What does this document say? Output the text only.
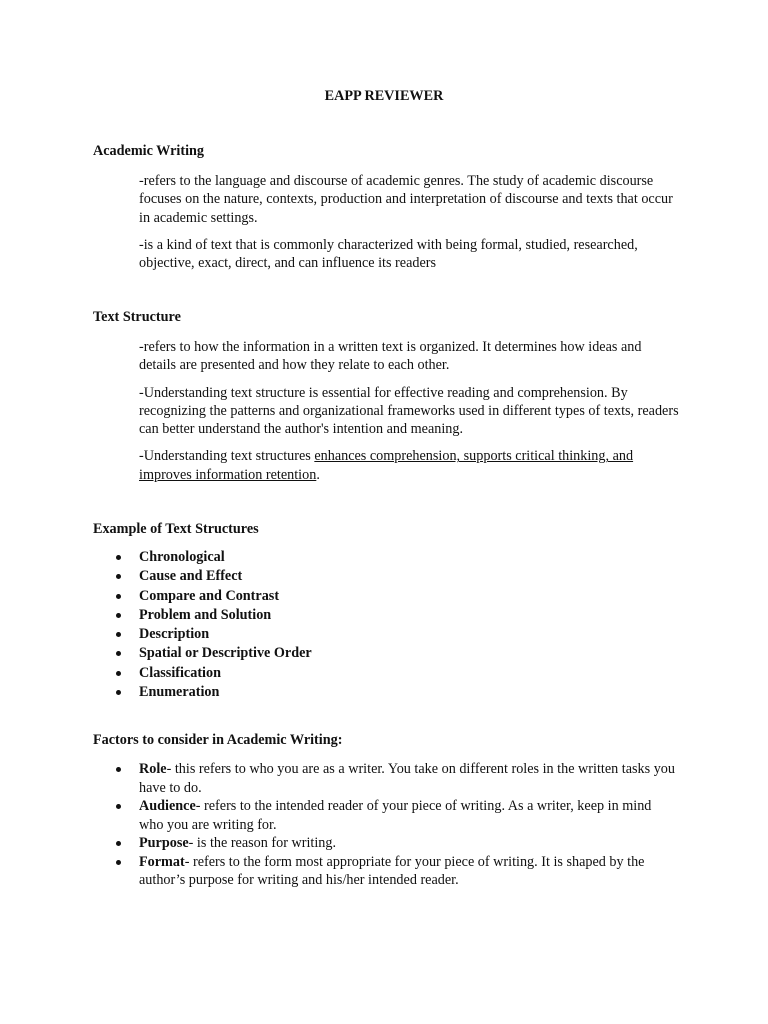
EAPP REVIEWER

Academic Writing

-refers to the language and discourse of academic genres. The study of academic discourse focuses on the nature, contexts, production and interpretation of discourse and texts that occur in academic settings.

-is a kind of text that is commonly characterized with being formal, studied, researched, objective, exact, direct, and can influence its readers

Text Structure

-refers to how the information in a written text is organized. It determines how ideas and details are presented and how they relate to each other.

-Understanding text structure is essential for effective reading and comprehension. By recognizing the patterns and organizational frameworks used in different types of texts, readers can better understand the author's intention and meaning.

-Understanding text structures enhances comprehension, supports critical thinking, and improves information retention.

Example of Text Structures

Chronological
Cause and Effect
Compare and Contrast
Problem and Solution
Description
Spatial or Descriptive Order
Classification
Enumeration

Factors to consider in Academic Writing:

Role- this refers to who you are as a writer. You take on different roles in the written tasks you have to do.
Audience- refers to the intended reader of your piece of writing. As a writer, keep in mind who you are writing for.
Purpose- is the reason for writing.
Format- refers to the form most appropriate for your piece of writing. It is shaped by the author’s purpose for writing and his/her intended reader.
